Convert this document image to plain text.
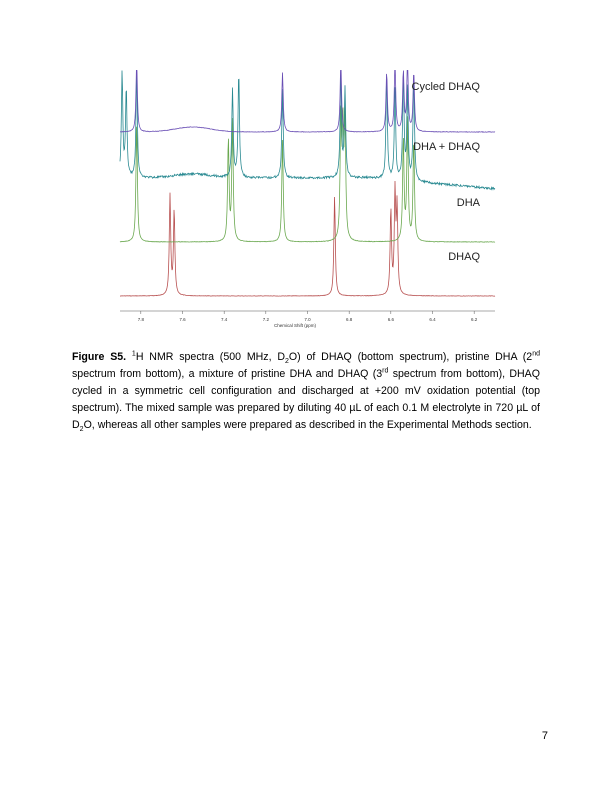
7.8	7.6	7.4	7.2	7.0	6.8	6.6	6.4	6.2
Chemical Shift (ppm)
Cycled DHAQ
DHA + DHAQ
DHA
DHAQ

Figure S5. $^1$H NMR spectra (500 MHz, $D_2O$) of DHAQ (bottom spectrum), pristine DHA (2nd spectrum from bottom), a mixture of pristine DHA and DHAQ (3rd spectrum from bottom), DHAQ cycled in a symmetric cell configuration and discharged at +200 mV oxidation potential (top spectrum). The mixed sample was prepared by diluting 40 µL of each 0.1 M electrolyte in 720 µL of $D_2O$, whereas all other samples were prepared as described in the Experimental Methods section.

7
